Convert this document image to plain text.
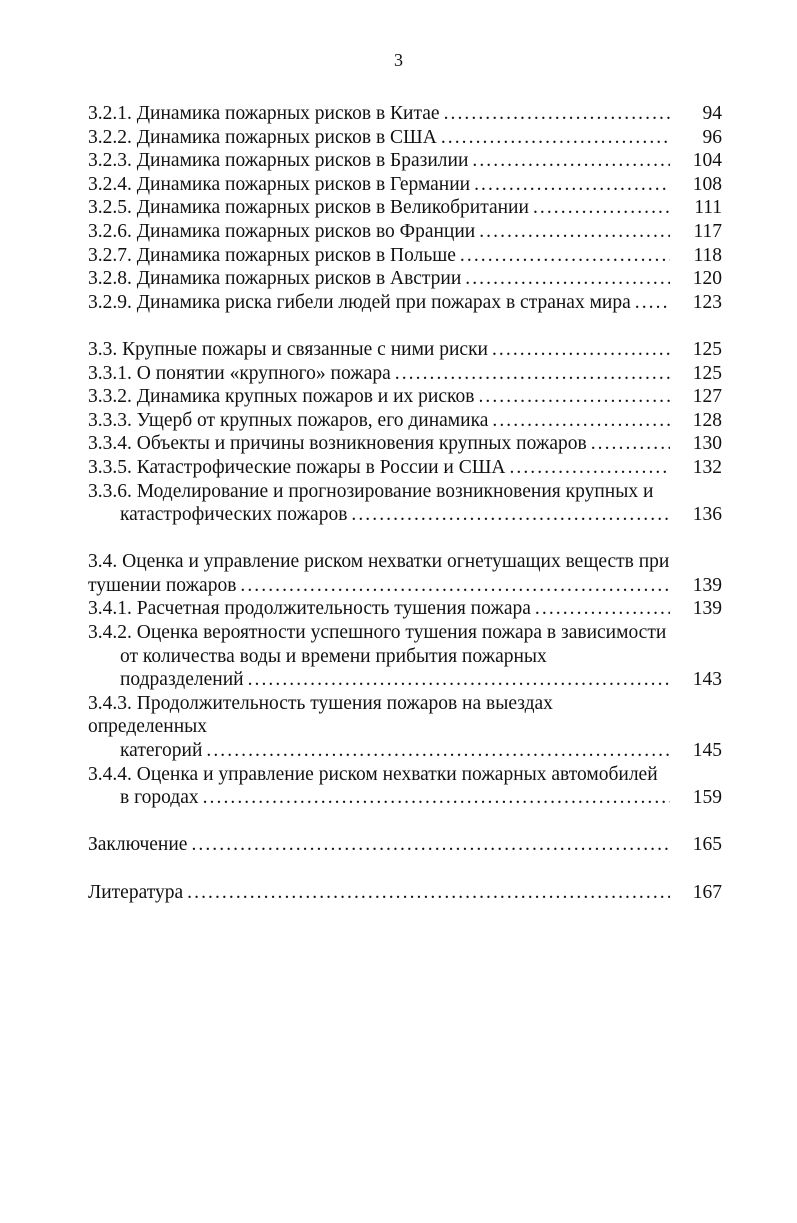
3
3.2.1. Динамика пожарных рисков в Китае . . .	94
3.2.2. Динамика пожарных рисков в США . . .	96
3.2.3. Динамика пожарных рисков в Бразилии . . .	104
3.2.4. Динамика пожарных рисков в Германии . . .	108
3.2.5. Динамика пожарных рисков в Великобритании . . .	111
3.2.6. Динамика пожарных рисков во Франции . . .	117
3.2.7. Динамика пожарных рисков в Польше . . .	118
3.2.8. Динамика пожарных рисков в Австрии . . .	120
3.2.9. Динамика риска гибели людей при пожарах в странах мира . . .	123
3.3. Крупные пожары и связанные с ними риски . . .	125
3.3.1. О понятии «крупного» пожара . . .	125
3.3.2. Динамика крупных пожаров и их рисков . . .	127
3.3.3. Ущерб от крупных пожаров, его динамика . . .	128
3.3.4. Объекты и причины возникновения крупных пожаров . . .	130
3.3.5. Катастрофические пожары в России и США . . .	132
3.3.6. Моделирование и прогнозирование возникновения крупных и
катастрофических пожаров . . .	136
3.4. Оценка и управление риском нехватки огнетушащих веществ при
тушении пожаров . . .	139
3.4.1. Расчетная продолжительность тушения пожара . . .	139
3.4.2. Оценка вероятности успешного тушения пожара в зависимости
от количества воды и времени прибытия пожарных
подразделений . . .	143
3.4.3. Продолжительность тушения пожаров на выездах определенных
категорий . . .	145
3.4.4. Оценка и управление риском нехватки пожарных автомобилей
в городах . . .	159
Заключение . . .	165
Литература . . .	167
